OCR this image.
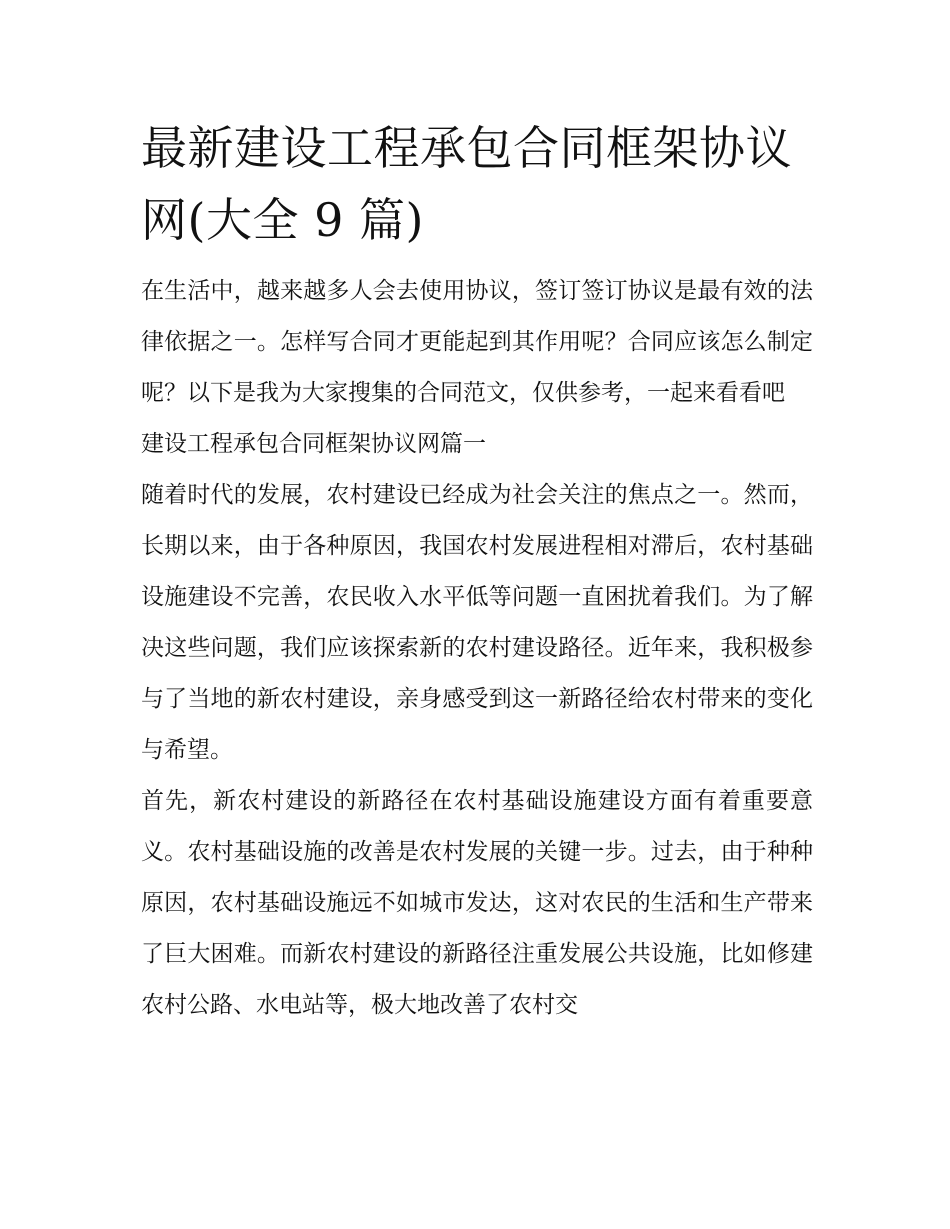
最新建设工程承包合同框架协议网(大全 9 篇)

在生活中，越来越多人会去使用协议，签订签订协议是最有效的法律依据之一。怎样写合同才更能起到其作用呢？合同应该怎么制定呢？以下是我为大家搜集的合同范文，仅供参考，一起来看看吧

建设工程承包合同框架协议网篇一

随着时代的发展，农村建设已经成为社会关注的焦点之一。然而，长期以来，由于各种原因，我国农村发展进程相对滞后，农村基础设施建设不完善，农民收入水平低等问题一直困扰着我们。为了解决这些问题，我们应该探索新的农村建设路径。近年来，我积极参与了当地的新农村建设，亲身感受到这一新路径给农村带来的变化与希望。

首先，新农村建设的新路径在农村基础设施建设方面有着重要意义。农村基础设施的改善是农村发展的关键一步。过去，由于种种原因，农村基础设施远不如城市发达，这对农民的生活和生产带来了巨大困难。而新农村建设的新路径注重发展公共设施，比如修建农村公路、水电站等，极大地改善了农村交
